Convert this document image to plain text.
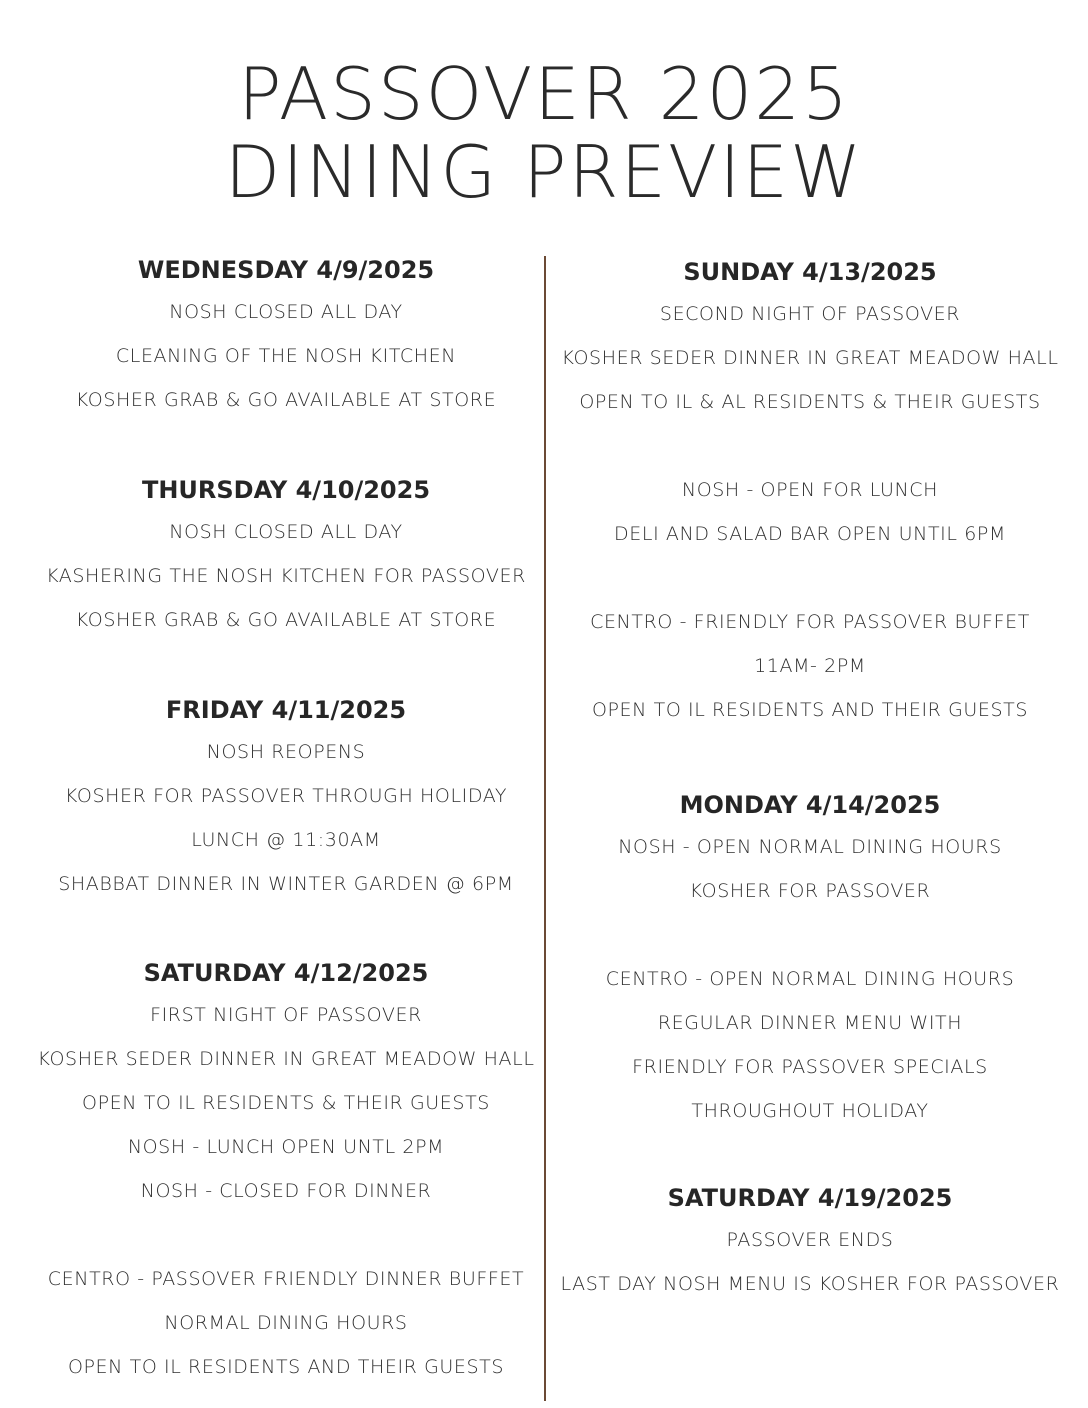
PASSOVER 2025
DINING PREVIEW
WEDNESDAY 4/9/2025
NOSH CLOSED ALL DAY
CLEANING OF THE NOSH KITCHEN
KOSHER GRAB & GO AVAILABLE AT STORE
THURSDAY 4/10/2025
NOSH CLOSED ALL DAY
KASHERING THE NOSH KITCHEN FOR PASSOVER
KOSHER GRAB & GO AVAILABLE AT STORE
FRIDAY 4/11/2025
NOSH REOPENS
KOSHER FOR PASSOVER THROUGH HOLIDAY
LUNCH @ 11:30AM
SHABBAT DINNER IN WINTER GARDEN @ 6PM
SATURDAY 4/12/2025
FIRST NIGHT OF PASSOVER
KOSHER SEDER DINNER IN GREAT MEADOW HALL
OPEN TO IL RESIDENTS & THEIR GUESTS
NOSH - LUNCH OPEN UNTL 2PM
NOSH - CLOSED FOR DINNER
CENTRO - PASSOVER FRIENDLY DINNER BUFFET
NORMAL DINING HOURS
OPEN TO IL RESIDENTS AND THEIR GUESTS
SUNDAY 4/13/2025
SECOND NIGHT OF PASSOVER
KOSHER SEDER DINNER IN GREAT MEADOW HALL
OPEN TO IL & AL RESIDENTS & THEIR GUESTS
NOSH - OPEN FOR LUNCH
DELI AND SALAD BAR OPEN UNTIL 6PM
CENTRO - FRIENDLY FOR PASSOVER BUFFET
11AM- 2PM
OPEN TO IL RESIDENTS AND THEIR GUESTS
MONDAY 4/14/2025
NOSH - OPEN NORMAL DINING HOURS
KOSHER FOR PASSOVER
CENTRO - OPEN NORMAL DINING HOURS
REGULAR DINNER MENU WITH
FRIENDLY FOR PASSOVER SPECIALS
THROUGHOUT HOLIDAY
SATURDAY 4/19/2025
PASSOVER ENDS
LAST DAY NOSH MENU IS KOSHER FOR PASSOVER
